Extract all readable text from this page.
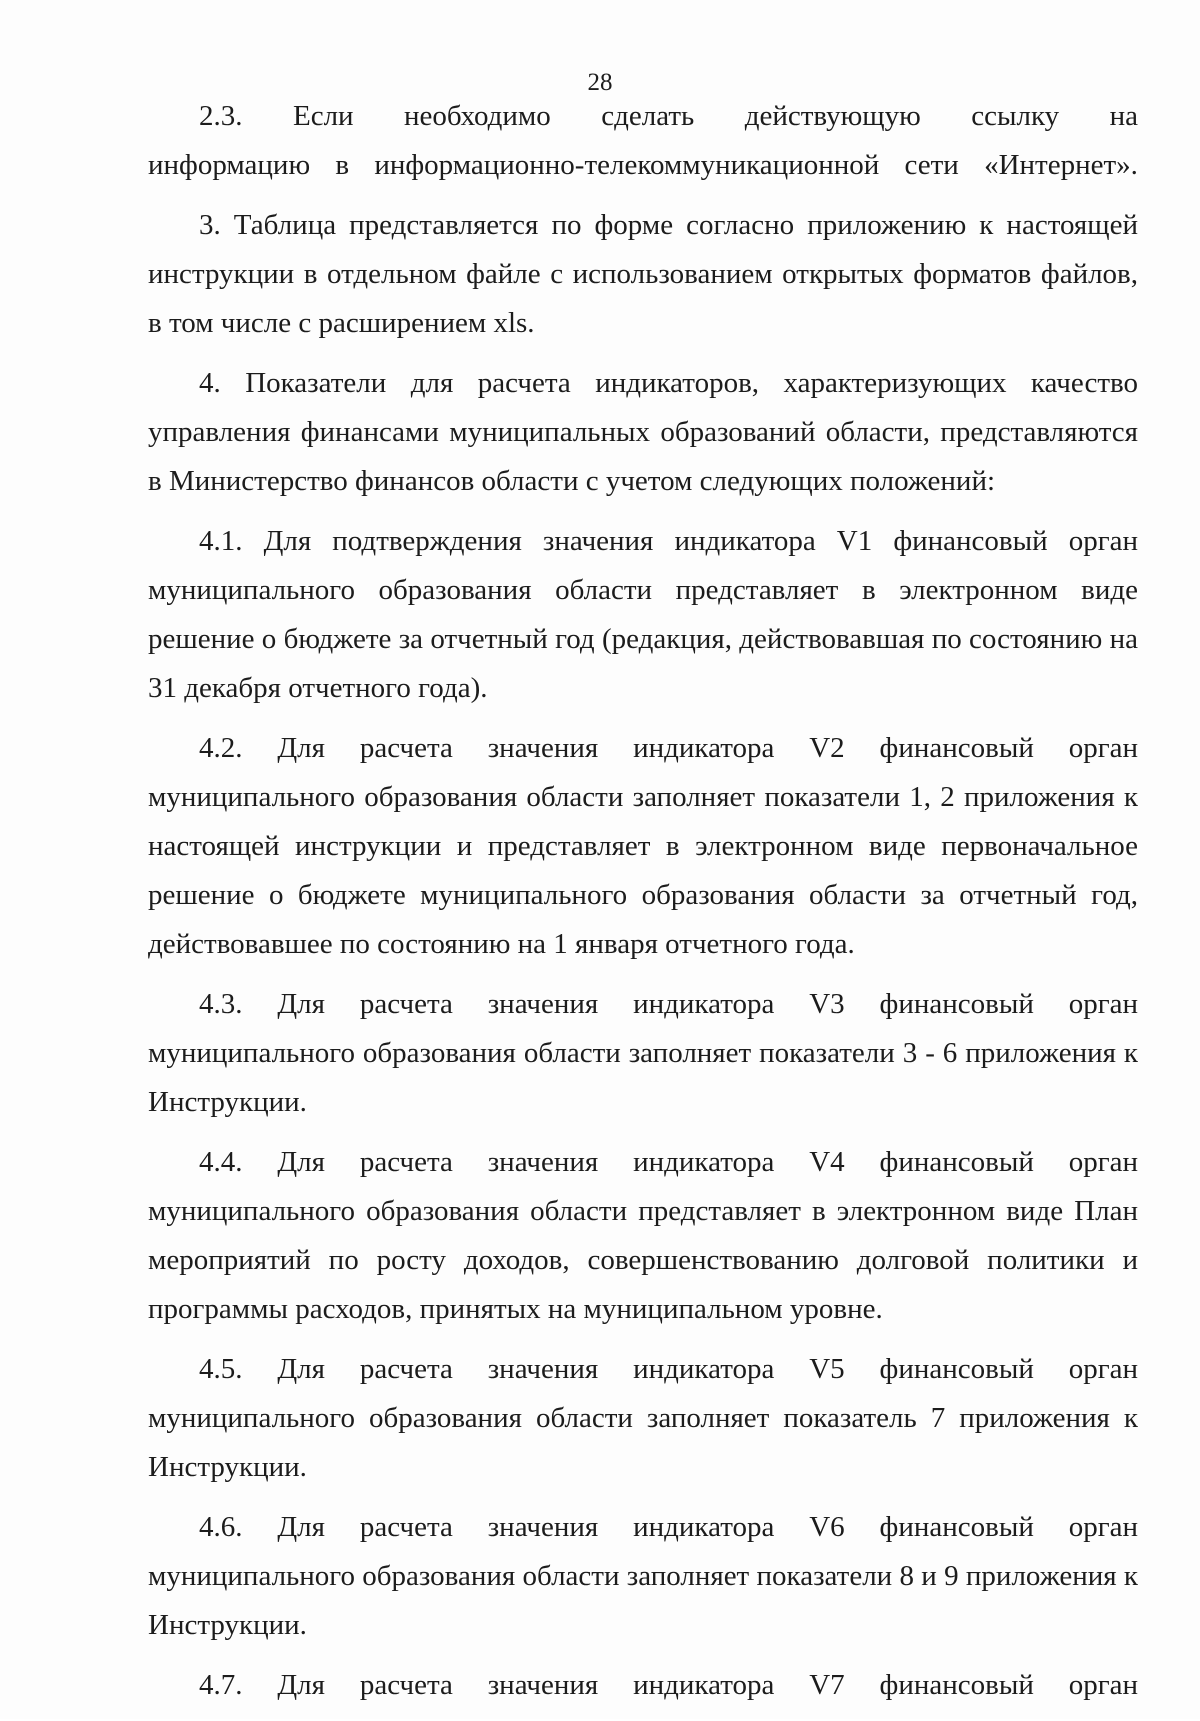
28

2.3. Если необходимо сделать действующую ссылку на информацию в информационно-телекоммуникационной сети «Интернет».

3. Таблица представляется по форме согласно приложению к настоящей инструкции в отдельном файле с использованием открытых форматов файлов, в том числе с расширением xls.

4. Показатели для расчета индикаторов, характеризующих качество управления финансами муниципальных образований области, представляются в Министерство финансов области с учетом следующих положений:

4.1. Для подтверждения значения индикатора V1 финансовый орган муниципального образования области представляет в электронном виде решение о бюджете за отчетный год (редакция, действовавшая по состоянию на 31 декабря отчетного года).

4.2. Для расчета значения индикатора V2 финансовый орган муниципального образования области заполняет показатели 1, 2 приложения к настоящей инструкции и представляет в электронном виде первоначальное решение о бюджете муниципального образования области за отчетный год, действовавшее по состоянию на 1 января отчетного года.

4.3. Для расчета значения индикатора V3 финансовый орган муниципального образования области заполняет показатели 3 - 6 приложения к Инструкции.

4.4. Для расчета значения индикатора V4 финансовый орган муниципального образования области представляет в электронном виде План мероприятий по росту доходов, совершенствованию долговой политики и программы расходов, принятых на муниципальном уровне.

4.5. Для расчета значения индикатора V5 финансовый орган муниципального образования области заполняет показатель 7 приложения к Инструкции.

4.6. Для расчета значения индикатора V6 финансовый орган муниципального образования области заполняет показатели 8 и 9 приложения к Инструкции.

4.7. Для расчета значения индикатора V7 финансовый орган
